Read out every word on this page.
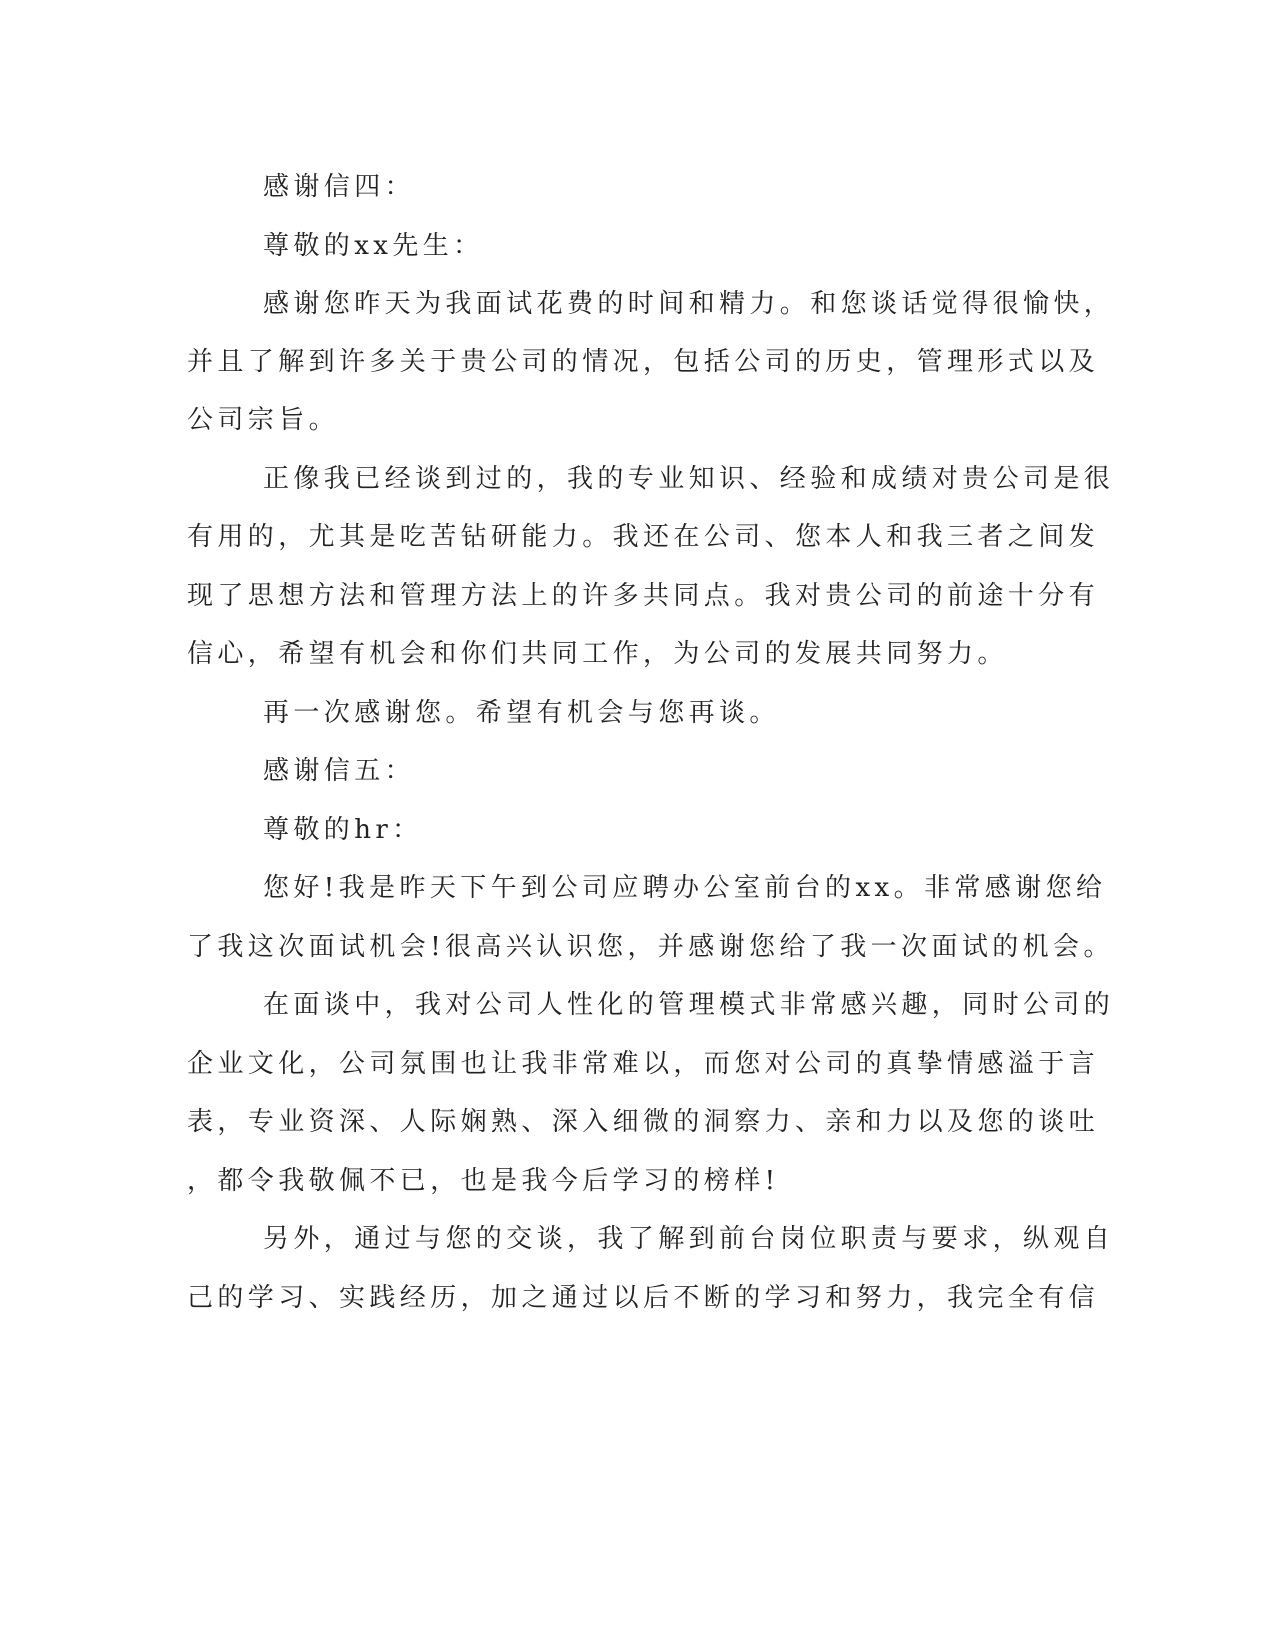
感谢信四：

尊敬的xx先生：

感谢您昨天为我面试花费的时间和精力。和您谈话觉得很愉快，

并且了解到许多关于贵公司的情况，包括公司的历史，管理形式以及

公司宗旨。

正像我已经谈到过的，我的专业知识、经验和成绩对贵公司是很

有用的，尤其是吃苦钻研能力。我还在公司、您本人和我三者之间发

现了思想方法和管理方法上的许多共同点。我对贵公司的前途十分有

信心，希望有机会和你们共同工作，为公司的发展共同努力。

再一次感谢您。希望有机会与您再谈。

感谢信五：

尊敬的hr：

您好!我是昨天下午到公司应聘办公室前台的xx。非常感谢您给

了我这次面试机会!很高兴认识您，并感谢您给了我一次面试的机会。

在面谈中，我对公司人性化的管理模式非常感兴趣，同时公司的

企业文化，公司氛围也让我非常难以，而您对公司的真挚情感溢于言

表，专业资深、人际娴熟、深入细微的洞察力、亲和力以及您的谈吐

，都令我敬佩不已，也是我今后学习的榜样!

另外，通过与您的交谈，我了解到前台岗位职责与要求，纵观自

己的学习、实践经历，加之通过以后不断的学习和努力，我完全有信
